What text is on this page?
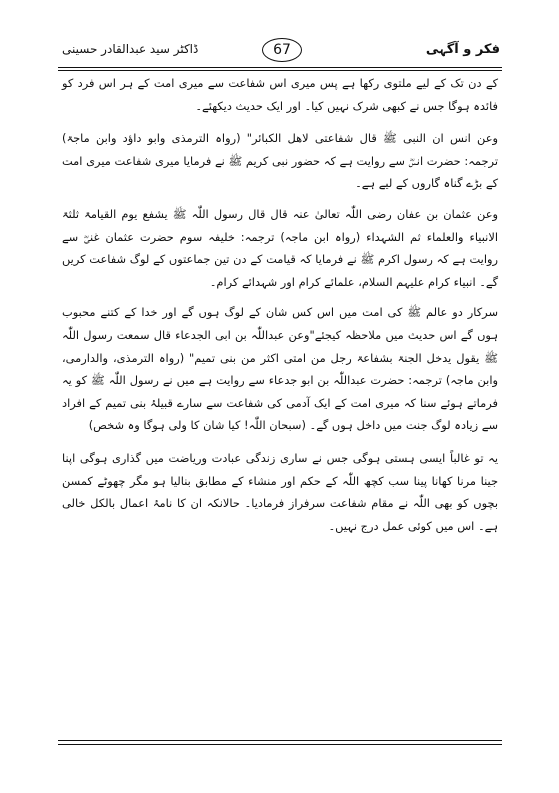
ڈاکٹر سید عبدالقادر حسینی	67	فکر و آگہی

کے دن تک کے لیے ملتوی رکھا ہے پس میری اس شفاعت سے میری امت کے ہر اس فرد کو فائدہ ہوگا جس نے کبھی شرک نہیں کیا۔ اور ایک حدیث دیکھئے۔

وعن انس ان النبی ﷺ قال شفاعتی لاھل الکبائر" (رواہ الترمذی وابو داؤد وابن ماجۃ) ترجمہ: حضرت انسؓ سے روایت ہے کہ حضور نبی کریم ﷺ نے فرمایا میری شفاعت میری امت کے بڑے گناہ گاروں کے لیے ہے۔

وعن عثمان بن عفان رضی اللّٰہ تعالیٰ عنہ قال قال رسول اللّٰہ ﷺ یشفع یوم القیامۃ ثلثۃ الانبیاء والعلماء ثم الشہداء (رواہ ابن ماجہ) ترجمہ: خلیفہ سوم حضرت عثمان غنیؓ سے روایت ہے کہ رسول اکرم ﷺ نے فرمایا کہ قیامت کے دن تین جماعتوں کے لوگ شفاعت کریں گے۔ انبیاء کرام علیہم السلام، علمائے کرام اور شہدائے کرام۔

سرکار دو عالم ﷺ کی امت میں اس کس شان کے لوگ ہوں گے اور خدا کے کتنے محبوب ہوں گے اس حدیث میں ملاحظہ کیجئے"وعن عبداللّٰہ بن ابی الجدعاء قال سمعت رسول اللّٰہ ﷺ یقول یدخل الجنۃ بشفاعۃ رجل من امتی اکثر من بنی تمیم" (رواہ الترمذی، والدارمی، وابن ماجہ) ترجمہ: حضرت عبداللّٰہ بن ابو جدعاء سے روایت ہے میں نے رسول اللّٰہ ﷺ کو یہ فرماتے ہوئے سنا کہ میری امت کے ایک آدمی کی شفاعت سے سارے قبیلۂ بنی تمیم کے افراد سے زیادہ لوگ جنت میں داخل ہوں گے۔ (سبحان اللّٰہ! کیا شان کا ولی ہوگا وہ شخص)

یہ تو غالباً ایسی ہستی ہوگی جس نے ساری زندگی عبادت وریاضت میں گذاری ہوگی اپنا جینا مرنا کھانا پینا سب کچھ اللّٰہ کے حکم اور منشاء کے مطابق بنالیا ہو مگر چھوٹے کمسن بچوں کو بھی اللّٰہ نے مقام شفاعت سرفراز فرمادیا۔ حالانکہ ان کا نامۂ اعمال بالکل خالی ہے۔ اس میں کوئی عمل درج نہیں۔
